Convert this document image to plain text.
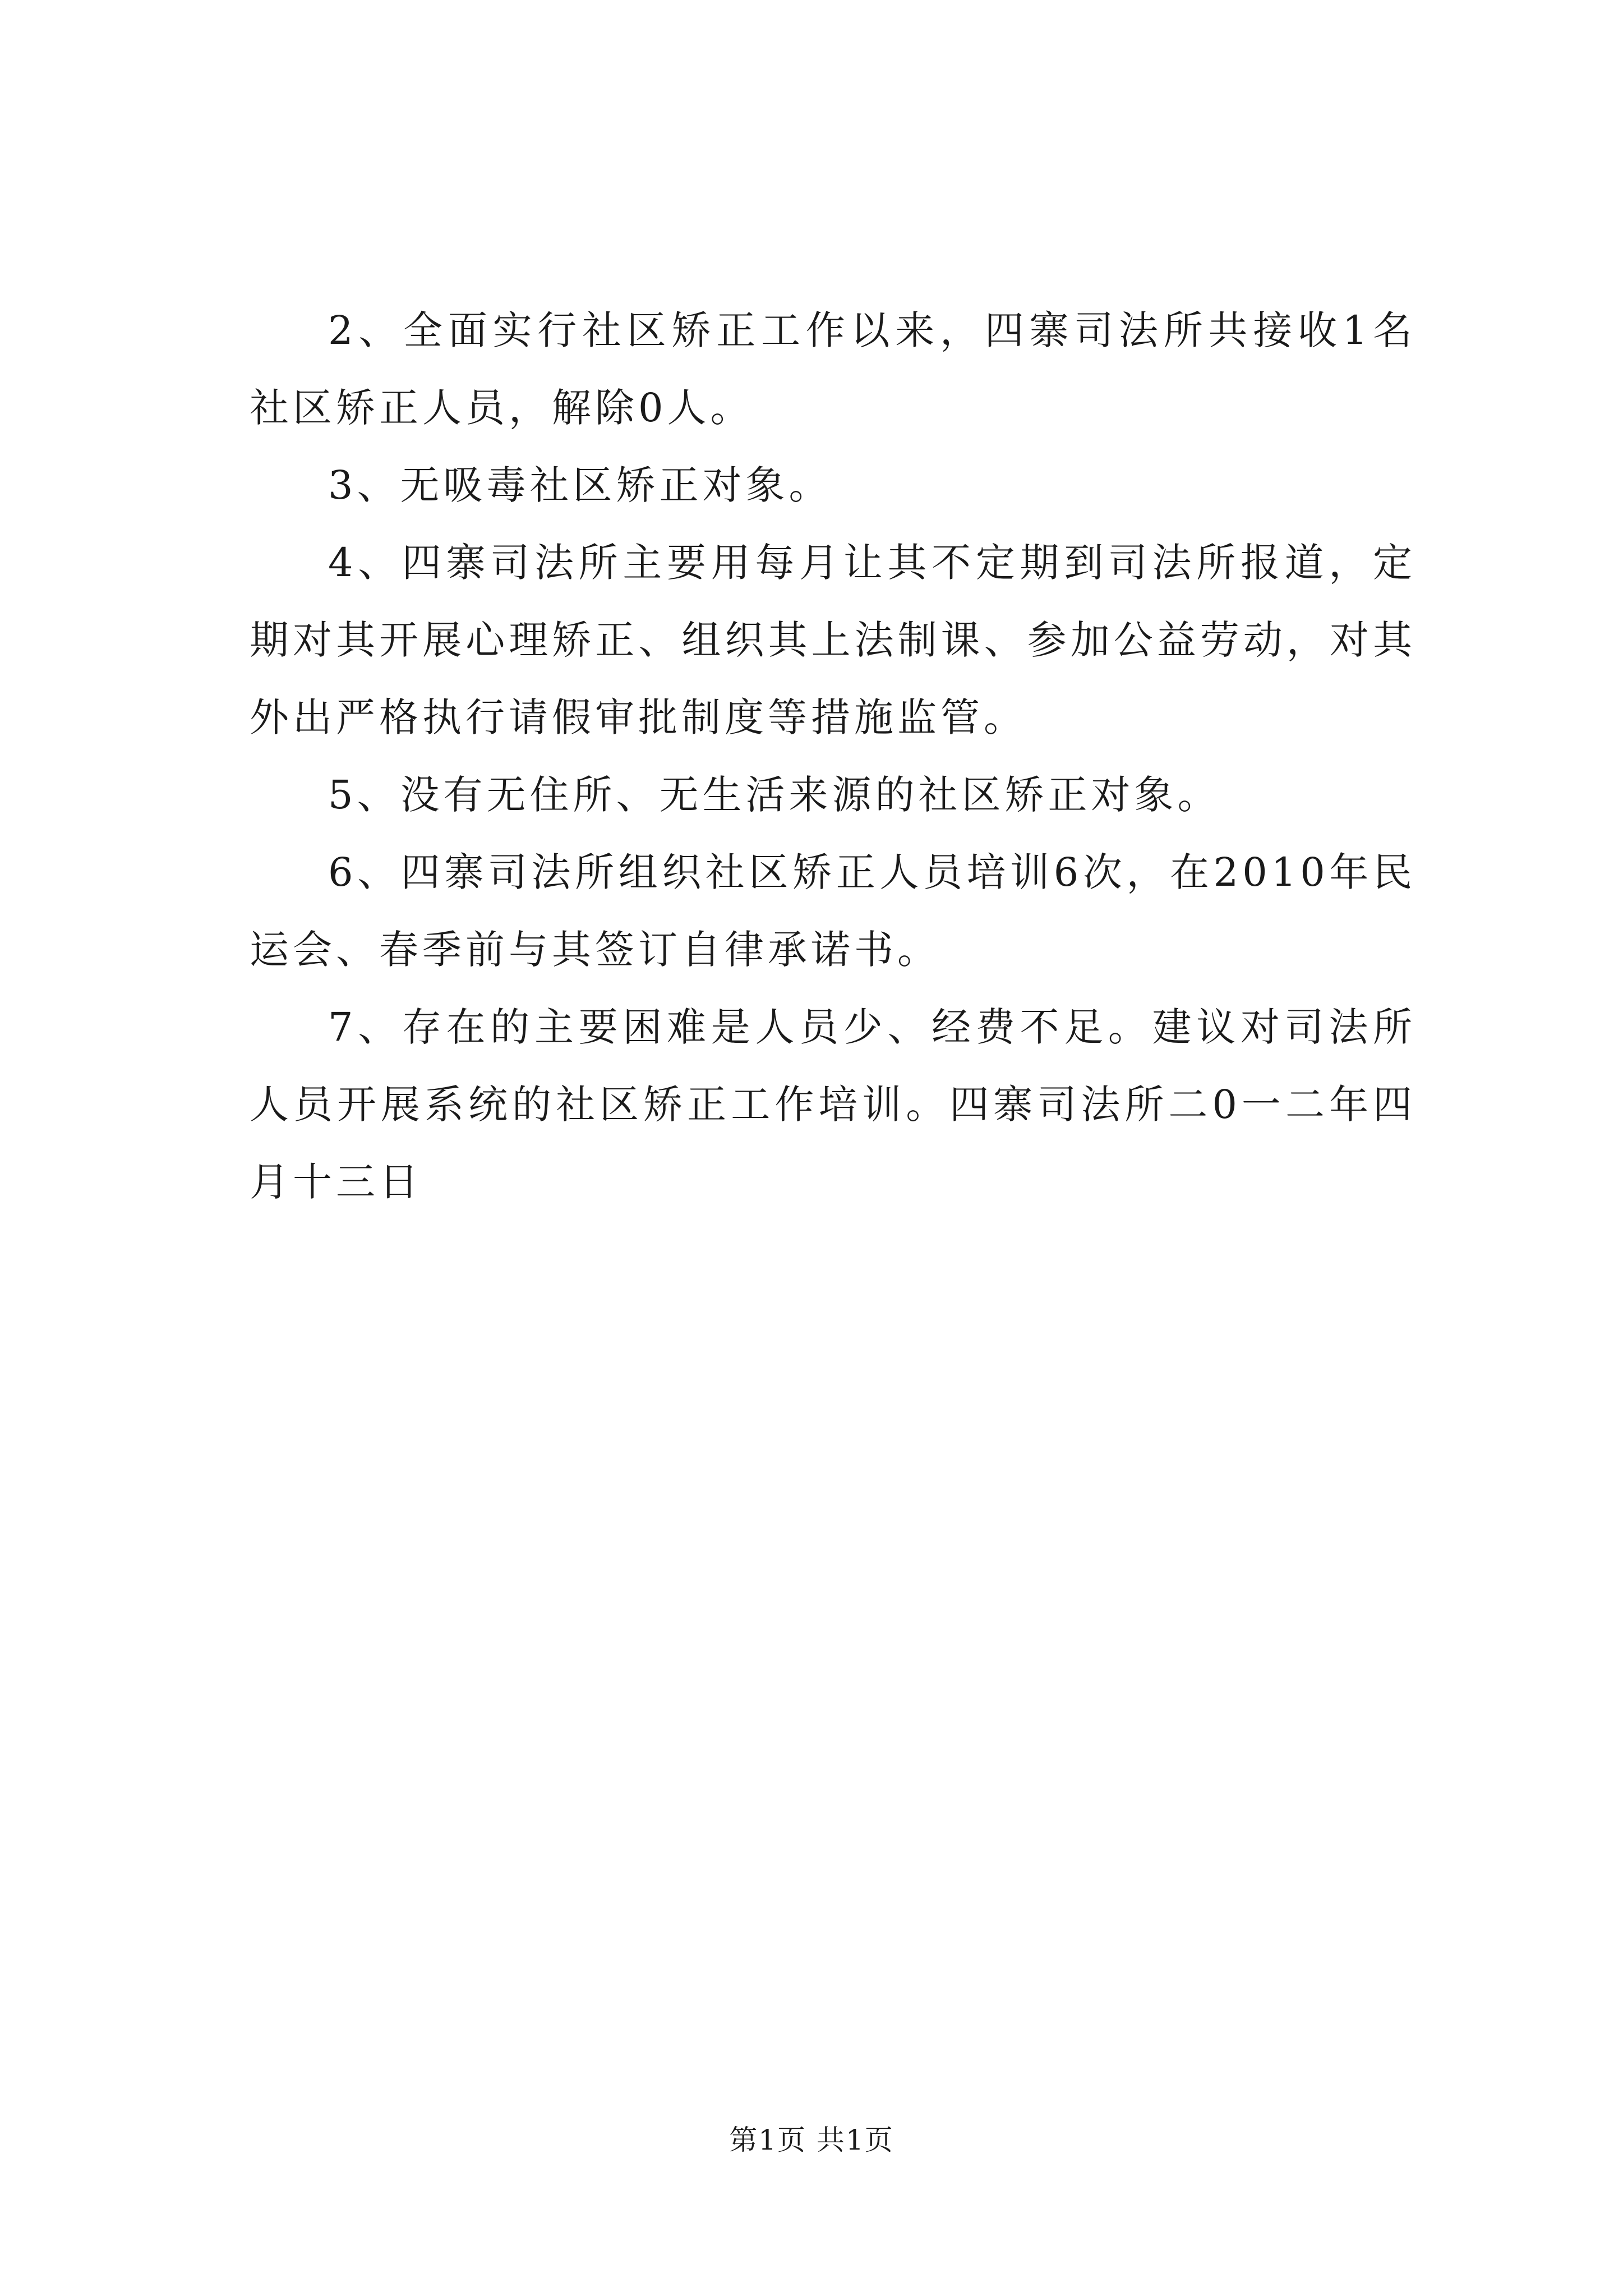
2、全面实行社区矫正工作以来，四寨司法所共接收1名社区矫正人员，解除0人。

3、无吸毒社区矫正对象。

4、四寨司法所主要用每月让其不定期到司法所报道，定期对其开展心理矫正、组织其上法制课、参加公益劳动，对其外出严格执行请假审批制度等措施监管。

5、没有无住所、无生活来源的社区矫正对象。

6、四寨司法所组织社区矫正人员培训6次，在2010年民运会、春季前与其签订自律承诺书。

7、存在的主要困难是人员少、经费不足。建议对司法所人员开展系统的社区矫正工作培训。四寨司法所二0一二年四月十三日

第1页 共1页
